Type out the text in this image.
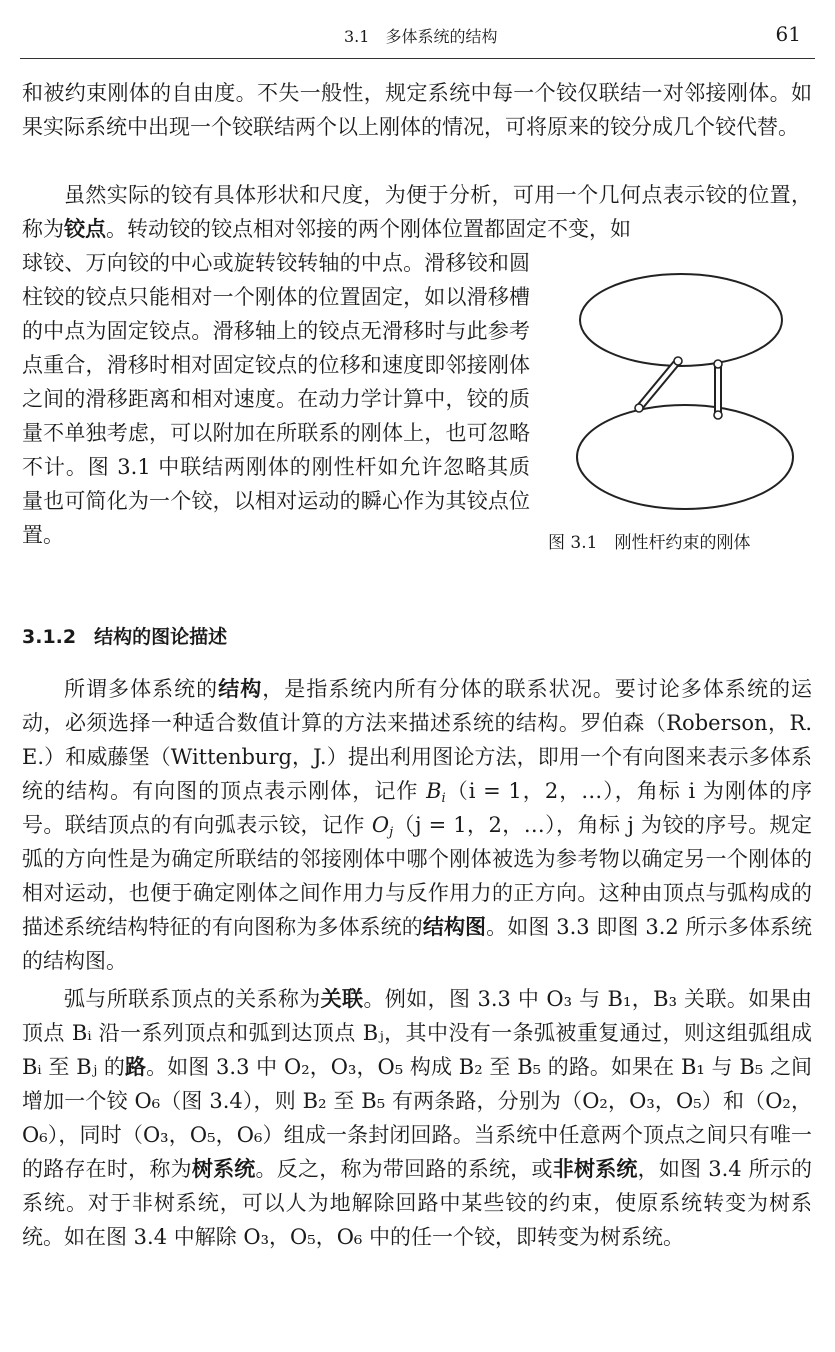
3.1　多体系统的结构	61

和被约束刚体的自由度。不失一般性，规定系统中每一个铰仅联结一对邻接刚体。如果实际系统中出现一个铰联结两个以上刚体的情况，可将原来的铰分成几个铰代替。

虽然实际的铰有具体形状和尺度，为便于分析，可用一个几何点表示铰的位置，称为铰点。转动铰的铰点相对邻接的两个刚体位置都固定不变，如

球铰、万向铰的中心或旋转铰转轴的中点。滑移铰和圆柱铰的铰点只能相对一个刚体的位置固定，如以滑移槽的中点为固定铰点。滑移轴上的铰点无滑移时与此参考点重合，滑移时相对固定铰点的位移和速度即邻接刚体之间的滑移距离和相对速度。在动力学计算中，铰的质量不单独考虑，可以附加在所联系的刚体上，也可忽略不计。图 3.1 中联结两刚体的刚性杆如允许忽略其质量也可简化为一个铰，以相对运动的瞬心作为其铰点位置。	图 3.1　刚性杆约束的刚体
3.1.2 结构的图论描述

所谓多体系统的结构，是指系统内所有分体的联系状况。要讨论多体系统的运动，必须选择一种适合数值计算的方法来描述系统的结构。罗伯森（Roberson，R. E.）和威藤堡（Wittenburg，J.）提出利用图论方法，即用一个有向图来表示多体系统的结构。有向图的顶点表示刚体，记作 $B_i(i = 1$，2，…），角标 i 为刚体的序号。联结顶点的有向弧表示铰，记作 $O_j(j = 1$，2，…），角标 j 为铰的序号。规定弧的方向性是为确定所联结的邻接刚体中哪个刚体被选为参考物以确定另一个刚体的相对运动，也便于确定刚体之间作用力与反作用力的正方向。这种由顶点与弧构成的描述系统结构特征的有向图称为多体系统的结构图。如图 3.3 即图 3.2 所示多体系统的结构图。

弧与所联系顶点的关系称为关联。例如，图 3.3 中 O₃ 与 B₁，B₃ 关联。如果由顶点 Bᵢ 沿一系列顶点和弧到达顶点 Bⱼ，其中没有一条弧被重复通过，则这组弧组成 Bᵢ 至 Bⱼ 的路。如图 3.3 中 O₂，O₃，O₅ 构成 B₂ 至 B₅ 的路。如果在 B₁ 与 B₅ 之间增加一个铰 O₆（图 3.4），则 B₂ 至 B₅ 有两条路，分别为（O₂，O₃，O₅）和（O₂，O₆），同时（O₃，O₅，O₆）组成一条封闭回路。当系统中任意两个顶点之间只有唯一的路存在时，称为树系统。反之，称为带回路的系统，或非树系统，如图 3.4 所示的系统。对于非树系统，可以人为地解除回路中某些铰的约束，使原系统转变为树系统。如在图 3.4 中解除 O₃，O₅，O₆ 中的任一个铰，即转变为树系统。
